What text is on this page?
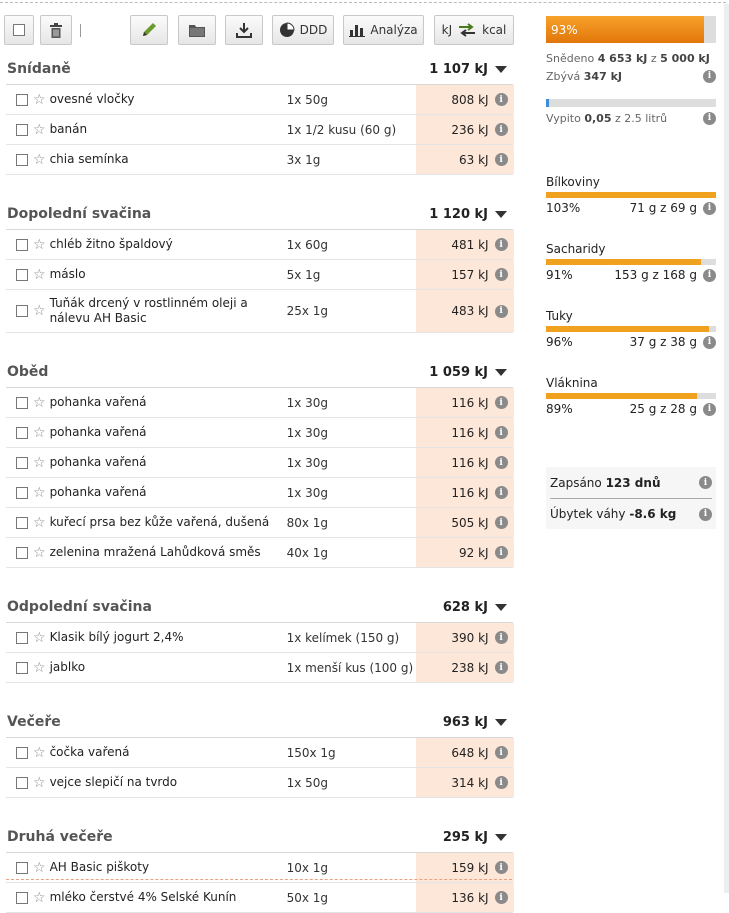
DDD	Analýza kJ	kcal
Snídaně	1 107 kJ
☆ ovesné vločky	1x 50g	808 kJ	i
☆ banán	1x 1/2 kusu (60 g)	236 kJ	i
☆ chia semínka	3x 1g	63 kJ	i
Dopolední svačina	1 120 kJ
☆ chléb žitno špaldový	1x 60g	481 kJ	i
☆ máslo	5x 1g	157 kJ	i
☆ Tuňák drcený v rostlinném oleji a nálevu AH Basic	25x 1g	483 kJ	i
Oběd	1 059 kJ
☆ pohanka vařená	1x 30g	116 kJ	i
☆ pohanka vařená	1x 30g	116 kJ	i
☆ pohanka vařená	1x 30g	116 kJ	i
☆ pohanka vařená	1x 30g	116 kJ	i
☆ kuřecí prsa bez kůže vařená, dušená	80x 1g	505 kJ	i
☆ zelenina mražená Lahůdková směs	40x 1g	92 kJ	i
Odpolední svačina	628 kJ
☆ Klasik bílý jogurt 2,4%	1x kelímek (150 g)	390 kJ	i
☆ jablko	1x menší kus (100 g)	238 kJ	i
Večeře	963 kJ
☆ čočka vařená	150x 1g	648 kJ	i
☆ vejce slepičí na tvrdo	1x 50g	314 kJ	i
Druhá večeře	295 kJ
☆ AH Basic piškoty	10x 1g	159 kJ	i
☆ mléko čerstvé 4% Selské Kunín	50x 1g	136 kJ	i
93%
Snědeno 4 653 kJ z 5 000 kJ
Zbývá 347 kJ	i
Vypito 0,05 z 2.5 litrů	i
Bílkoviny
103%	71 g z 69 g	i
Sacharidy
91%	153 g z 168 g	i
Tuky
96%	37 g z 38 g	i
Vláknina
89%	25 g z 28 g	i
Zapsáno 123 dnů	i
Úbytek váhy -8.6 kg	i
